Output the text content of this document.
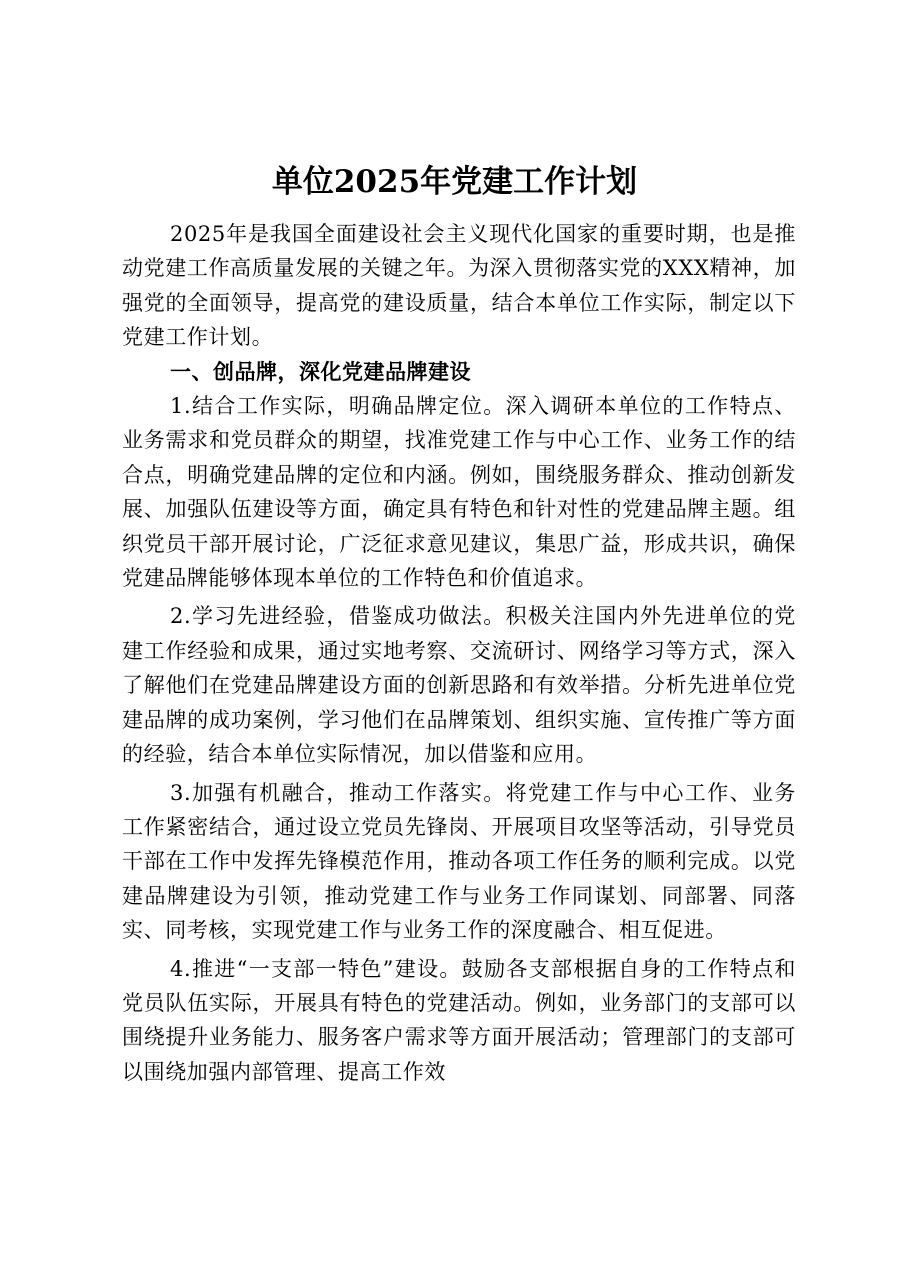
单位2025年党建工作计划

2025年是我国全面建设社会主义现代化国家的重要时期，也是推动党建工作高质量发展的关键之年。为深入贯彻落实党的XXX精神，加强党的全面领导，提高党的建设质量，结合本单位工作实际，制定以下党建工作计划。

一、创品牌，深化党建品牌建设

1.结合工作实际，明确品牌定位。深入调研本单位的工作特点、业务需求和党员群众的期望，找准党建工作与中心工作、业务工作的结合点，明确党建品牌的定位和内涵。例如，围绕服务群众、推动创新发展、加强队伍建设等方面，确定具有特色和针对性的党建品牌主题。组织党员干部开展讨论，广泛征求意见建议，集思广益，形成共识，确保党建品牌能够体现本单位的工作特色和价值追求。

2.学习先进经验，借鉴成功做法。积极关注国内外先进单位的党建工作经验和成果，通过实地考察、交流研讨、网络学习等方式，深入了解他们在党建品牌建设方面的创新思路和有效举措。分析先进单位党建品牌的成功案例，学习他们在品牌策划、组织实施、宣传推广等方面的经验，结合本单位实际情况，加以借鉴和应用。

3.加强有机融合，推动工作落实。将党建工作与中心工作、业务工作紧密结合，通过设立党员先锋岗、开展项目攻坚等活动，引导党员干部在工作中发挥先锋模范作用，推动各项工作任务的顺利完成。以党建品牌建设为引领，推动党建工作与业务工作同谋划、同部署、同落实、同考核，实现党建工作与业务工作的深度融合、相互促进。

4.推进“一支部一特色”建设。鼓励各支部根据自身的工作特点和党员队伍实际，开展具有特色的党建活动。例如，业务部门的支部可以围绕提升业务能力、服务客户需求等方面开展活动；管理部门的支部可以围绕加强内部管理、提高工作效
